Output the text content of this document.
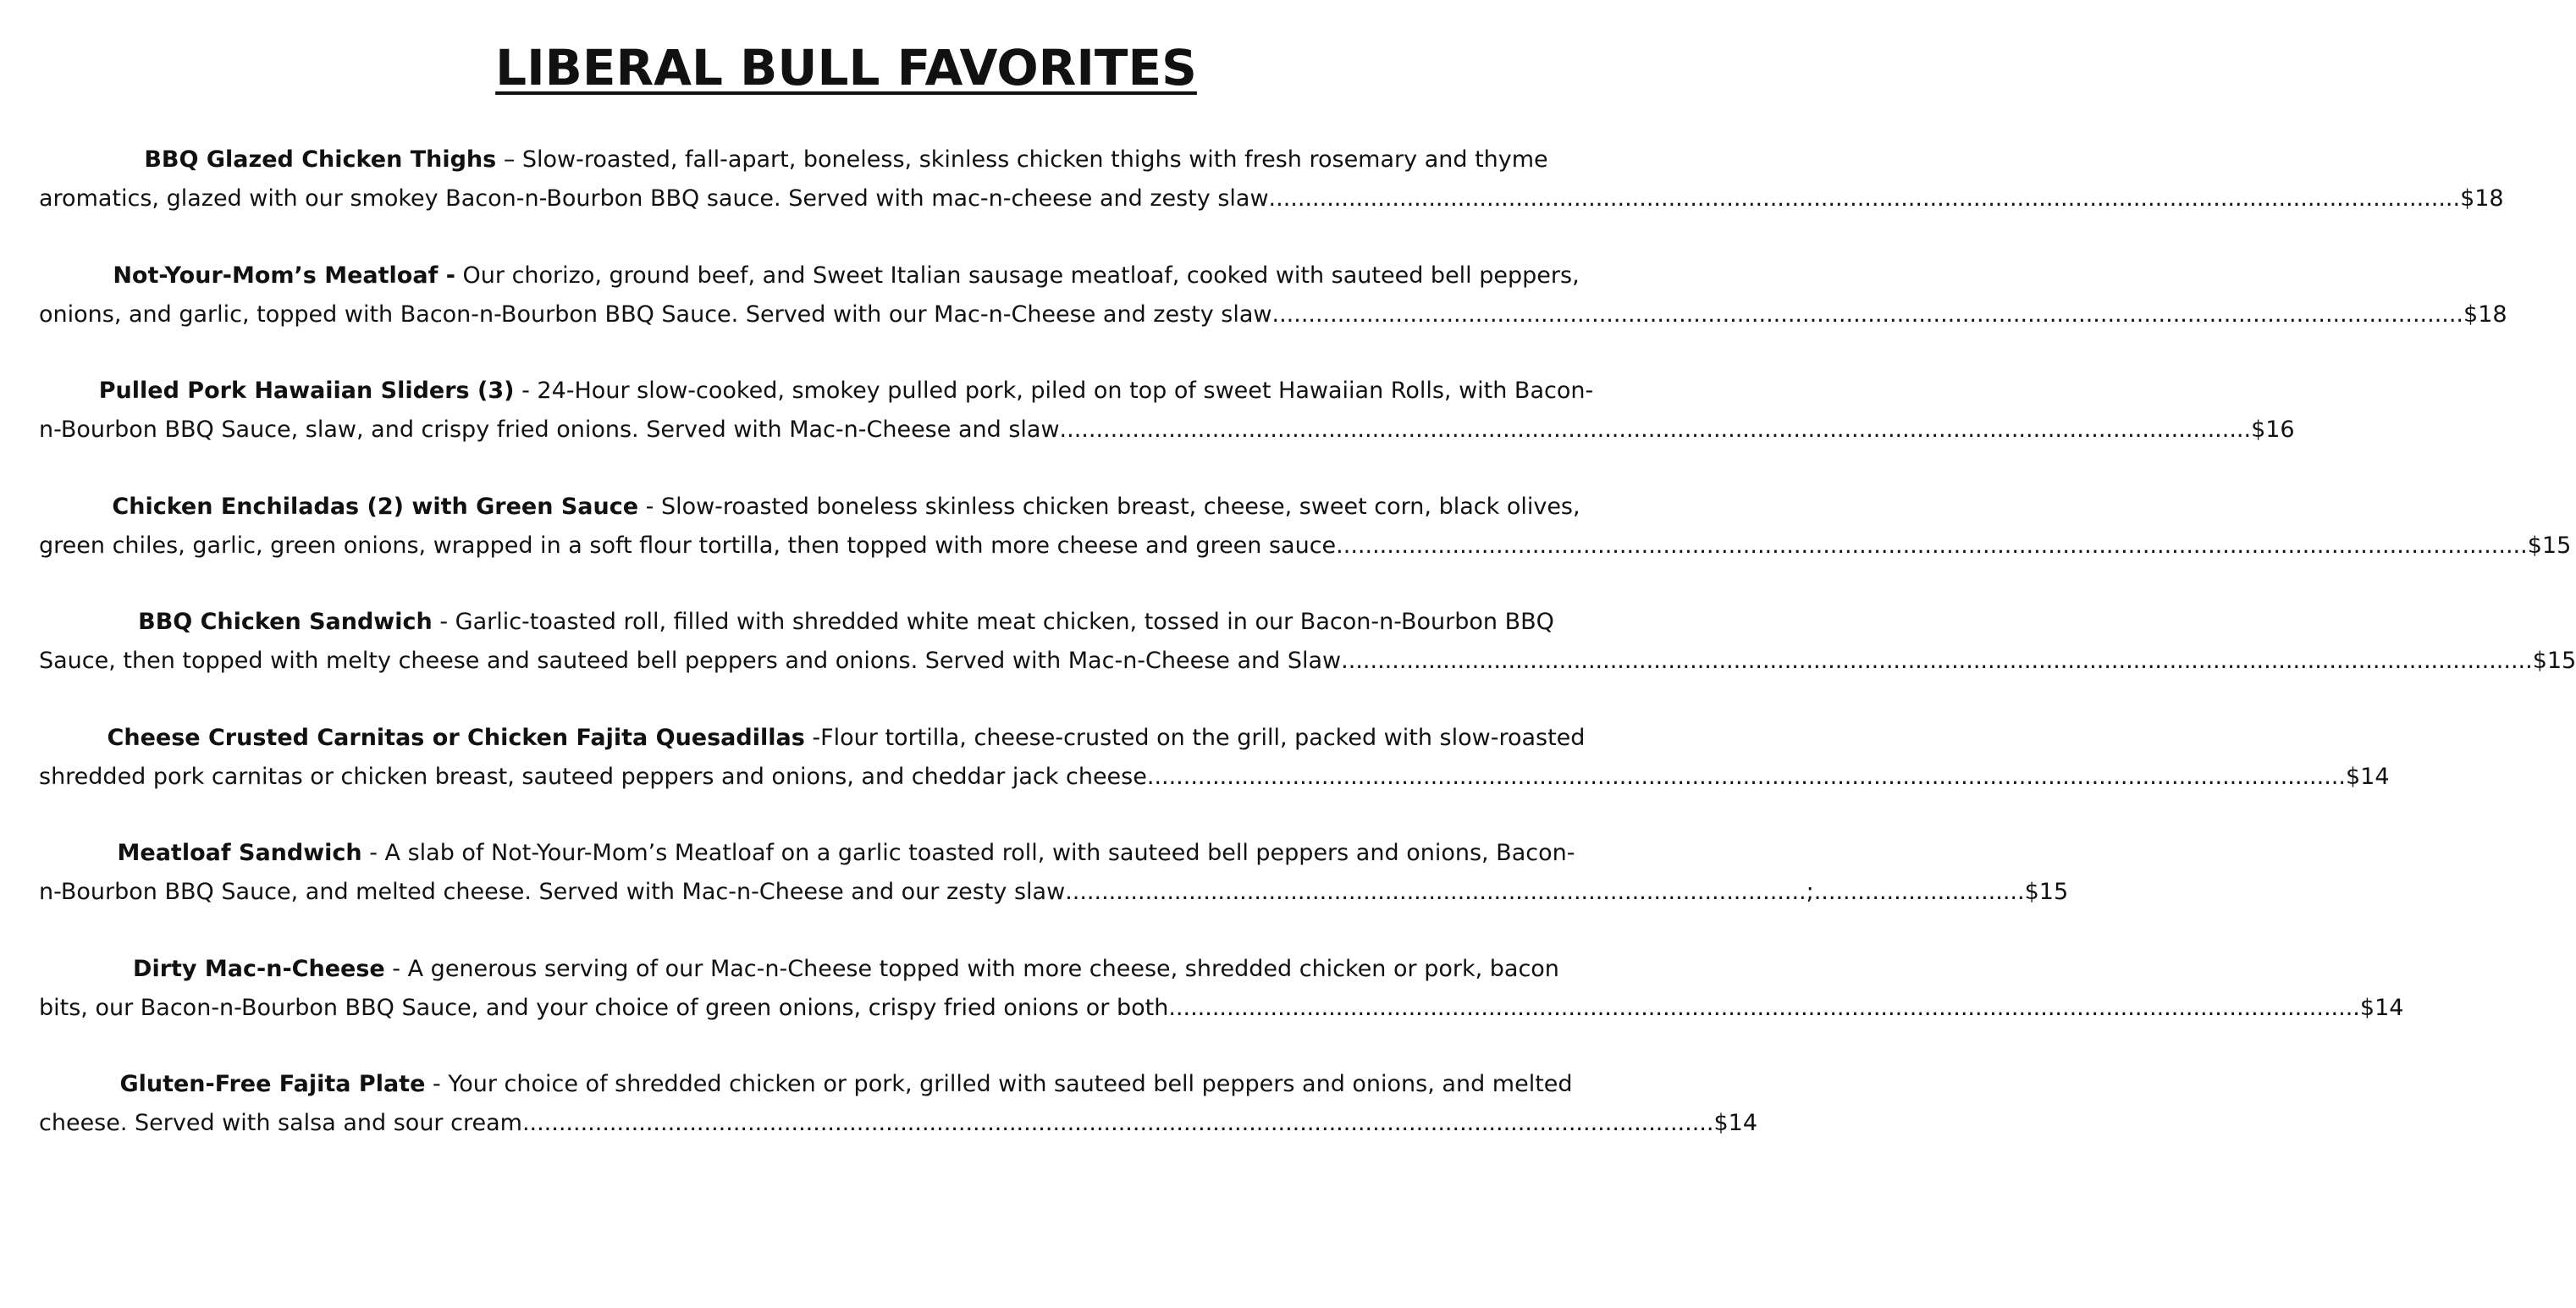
LIBERAL BULL FAVORITES
BBQ Glazed Chicken Thighs – Slow-roasted, fall-apart, boneless, skinless chicken thighs with fresh rosemary and thyme
aromatics, glazed with our smokey Bacon-n-Bourbon BBQ sauce. Served with mac-n-cheese and zesty slaw .................................................................................................................................................................... $18
Not-Your-Mom’s Meatloaf - Our chorizo, ground beef, and Sweet Italian sausage meatloaf, cooked with sauteed bell peppers,
onions, and garlic, topped with Bacon-n-Bourbon BBQ Sauce. Served with our Mac-n-Cheese and zesty slaw .................................................................................................................................................................... $18
Pulled Pork Hawaiian Sliders (3) - 24-Hour slow-cooked, smokey pulled pork, piled on top of sweet Hawaiian Rolls, with Bacon-
n-Bourbon BBQ Sauce, slaw, and crispy fried onions. Served with Mac-n-Cheese and slaw .................................................................................................................................................................... $16
Chicken Enchiladas (2) with Green Sauce - Slow-roasted boneless skinless chicken breast, cheese, sweet corn, black olives,
green chiles, garlic, green onions, wrapped in a soft flour tortilla, then topped with more cheese and green sauce .................................................................................................................................................................... $15
BBQ Chicken Sandwich - Garlic-toasted roll, filled with shredded white meat chicken, tossed in our Bacon-n-Bourbon BBQ
Sauce, then topped with melty cheese and sauteed bell peppers and onions. Served with Mac-n-Cheese and Slaw .................................................................................................................................................................... $15
Cheese Crusted Carnitas or Chicken Fajita Quesadillas -Flour tortilla, cheese-crusted on the grill, packed with slow-roasted
shredded pork carnitas or chicken breast, sauteed peppers and onions, and cheddar jack cheese. .................................................................................................................................................................... $14
Meatloaf Sandwich - A slab of Not-Your-Mom’s Meatloaf on a garlic toasted roll, with sauteed bell peppers and onions, Bacon-
n-Bourbon BBQ Sauce, and melted cheese. Served with Mac-n-Cheese and our zesty slaw ......................................................................................................;............................. $15
Dirty Mac-n-Cheese - A generous serving of our Mac-n-Cheese topped with more cheese, shredded chicken or pork, bacon
bits, our Bacon-n-Bourbon BBQ Sauce, and your choice of green onions, crispy fried onions or both .................................................................................................................................................................... $14
Gluten-Free Fajita Plate - Your choice of shredded chicken or pork, grilled with sauteed bell peppers and onions, and melted
cheese. Served with salsa and sour cream .................................................................................................................................................................... $14
